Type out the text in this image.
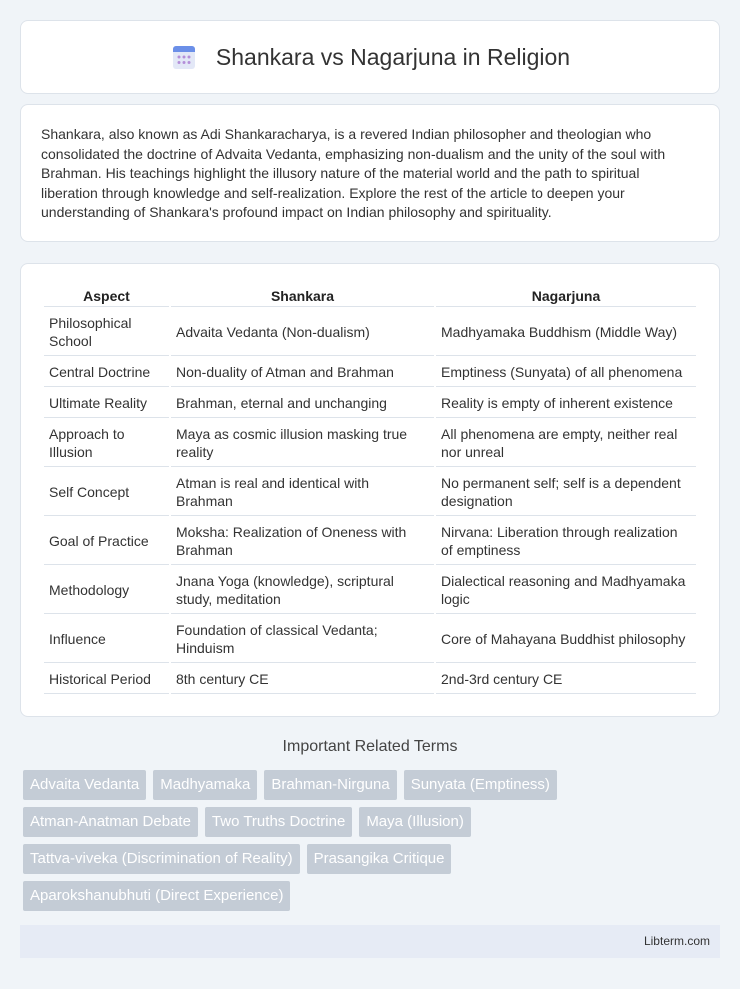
Shankara vs Nagarjuna in Religion

Shankara, also known as Adi Shankaracharya, is a revered Indian philosopher and theologian who consolidated the doctrine of Advaita Vedanta, emphasizing non-dualism and the unity of the soul with Brahman. His teachings highlight the illusory nature of the material world and the path to spiritual liberation through knowledge and self-realization. Explore the rest of the article to deepen your understanding of Shankara's profound impact on Indian philosophy and spirituality.

Aspect	Shankara	Nagarjuna
Philosophical School	Advaita Vedanta (Non-dualism)	Madhyamaka Buddhism (Middle Way)
Central Doctrine	Non-duality of Atman and Brahman	Emptiness (Sunyata) of all phenomena
Ultimate Reality	Brahman, eternal and unchanging	Reality is empty of inherent existence
Approach to Illusion	Maya as cosmic illusion masking true reality	All phenomena are empty, neither real nor unreal
Self Concept	Atman is real and identical with Brahman	No permanent self; self is a dependent designation
Goal of Practice	Moksha: Realization of Oneness with Brahman	Nirvana: Liberation through realization of emptiness
Methodology	Jnana Yoga (knowledge), scriptural study, meditation	Dialectical reasoning and Madhyamaka logic
Influence	Foundation of classical Vedanta; Hinduism	Core of Mahayana Buddhist philosophy
Historical Period	8th century CE	2nd-3rd century CE
Important Related Terms
Advaita Vedanta	Madhyamaka	Brahman-Nirguna	Sunyata (Emptiness)
Atman-Anatman Debate	Two Truths Doctrine	Maya (Illusion)
Tattva-viveka (Discrimination of Reality)	Prasangika Critique
Aparokshanubhuti (Direct Experience)
Libterm.com
